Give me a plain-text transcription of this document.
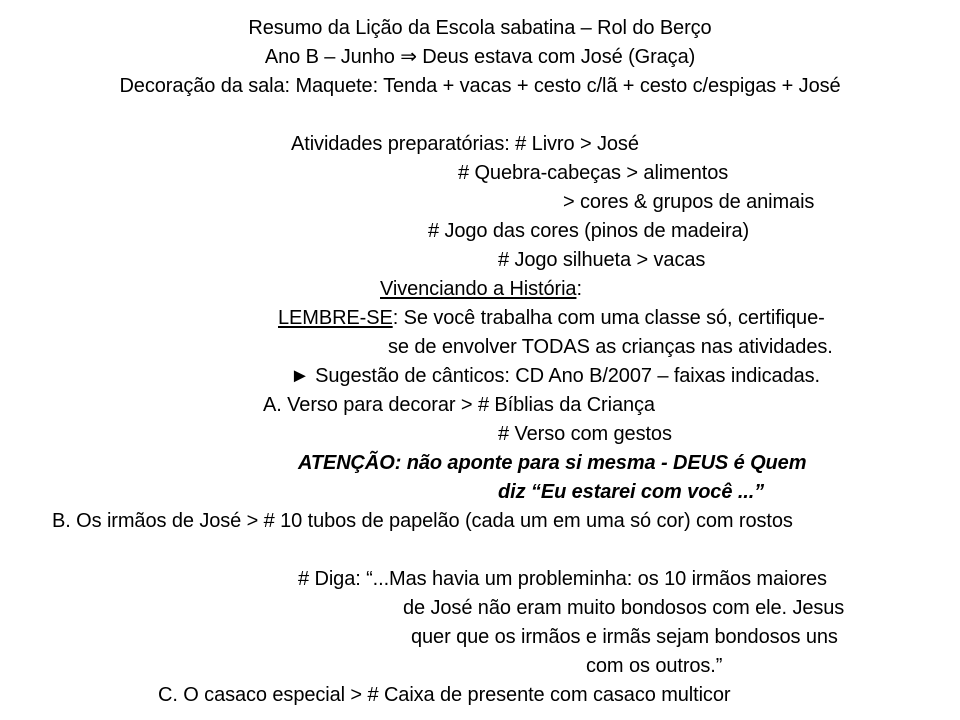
Resumo da Lição da Escola sabatina – Rol do Berço

Ano B – Junho ⇒ Deus estava com José (Graça)

Decoração da sala: Maquete: Tenda + vacas + cesto c/lã + cesto c/espigas + José

Atividades preparatórias: # Livro > José

# Quebra-cabeças > alimentos

> cores & grupos de animais

# Jogo das cores (pinos de madeira)

# Jogo silhueta > vacas

Vivenciando a História:

LEMBRE-SE: Se você trabalha com uma classe só, certifique-

se de envolver TODAS as crianças nas atividades.

► Sugestão de cânticos: CD Ano B/2007 – faixas indicadas.

A. Verso para decorar > # Bíblias da Criança

# Verso com gestos

ATENÇÃO: não aponte para si mesma - DEUS é Quem

diz “Eu estarei com você ...”

B. Os irmãos de José > # 10 tubos de papelão (cada um em uma só cor) com rostos

# Diga: “...Mas havia um probleminha: os 10 irmãos maiores

de José não eram muito bondosos com ele. Jesus

quer que os irmãos e irmãs sejam bondosos uns

com os outros.”

C. O casaco especial > # Caixa de presente com casaco multicor
